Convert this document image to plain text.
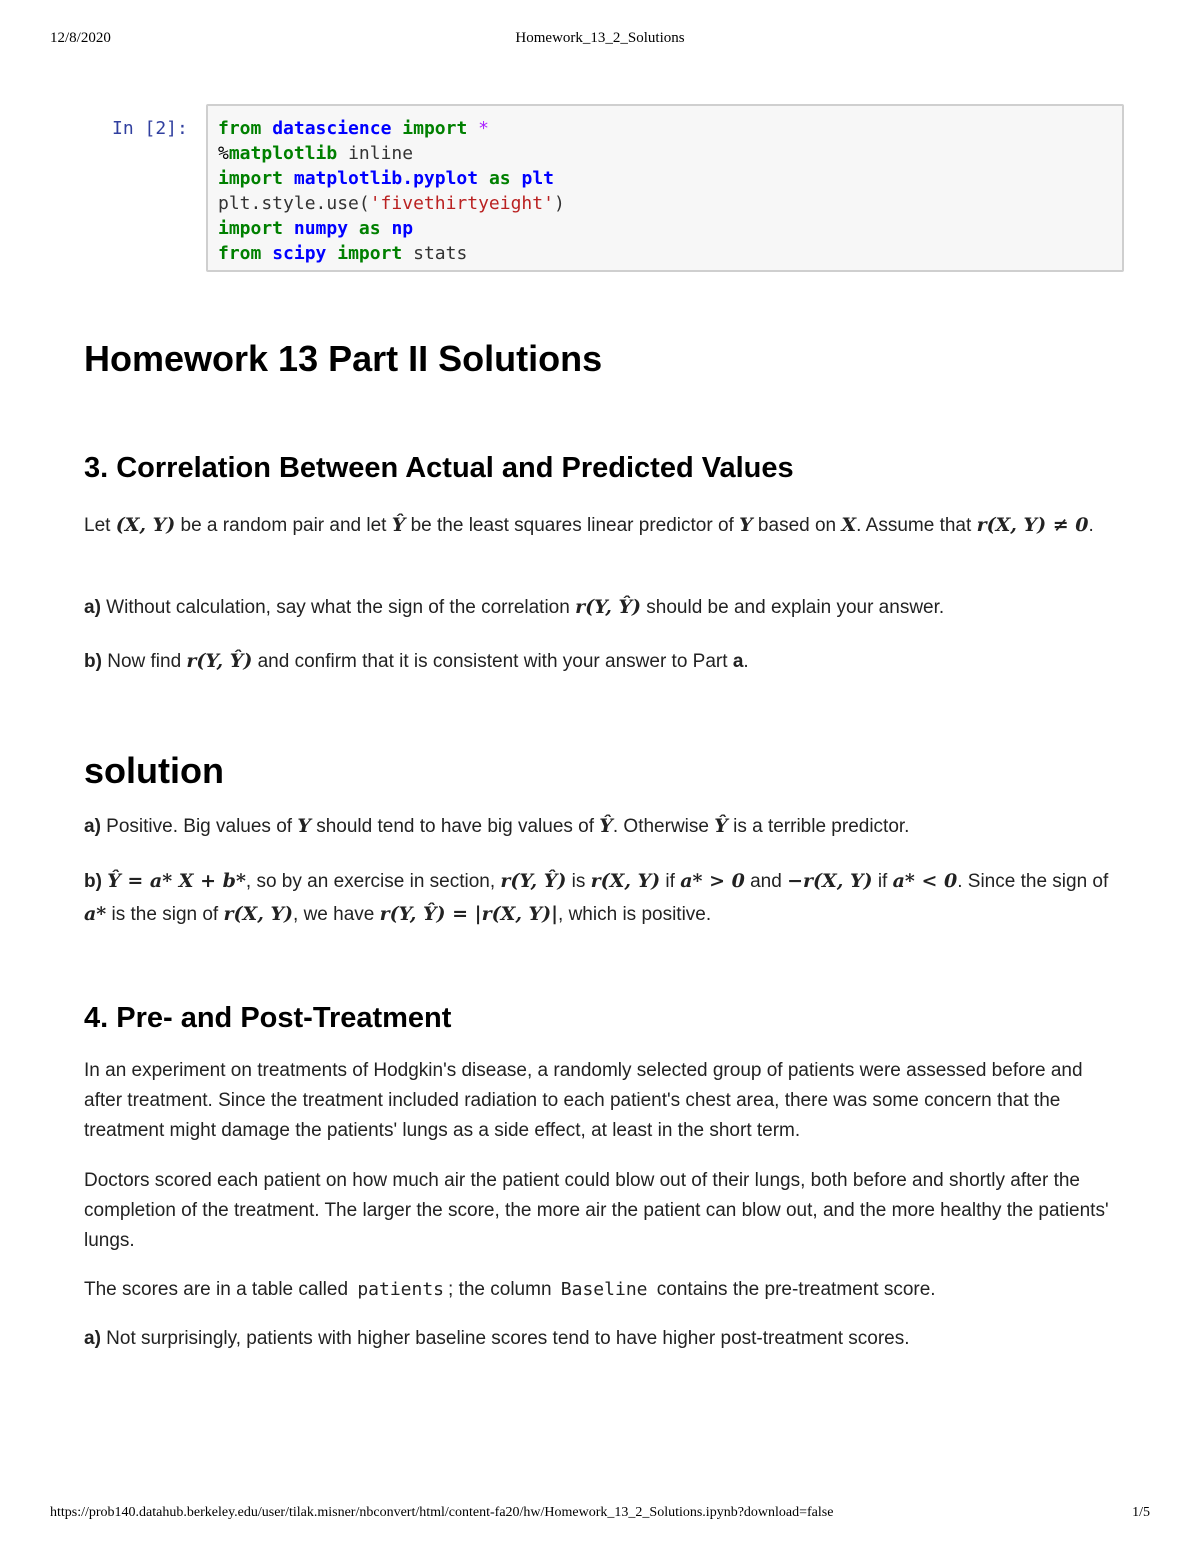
12/8/2020	Homework_13_2_Solutions
In [2]:	from datascience import *
%matplotlib inline
import matplotlib.pyplot as plt
plt.style.use('fivethirtyeight')
import numpy as np
from scipy import stats
Homework 13 Part II Solutions
3. Correlation Between Actual and Predicted Values

Let (X, Y) be a random pair and let Ŷ be the least squares linear predictor of Y based on X. Assume that r(X, Y) ≠ 0.

a) Without calculation, say what the sign of the correlation r(Y, Ŷ) should be and explain your answer.

b) Now find r(Y, Ŷ) and confirm that it is consistent with your answer to Part a.

solution

a) Positive. Big values of Y should tend to have big values of Ŷ. Otherwise Ŷ is a terrible predictor.

b) Ŷ = a* X + b*, so by an exercise in section, r(Y, Ŷ) is r(X, Y) if a* > 0 and −r(X, Y) if a* < 0. Since the sign of a* is the sign of r(X, Y), we have r(Y, Ŷ) = |r(X, Y)|, which is positive.

4. Pre- and Post-Treatment

In an experiment on treatments of Hodgkin's disease, a randomly selected group of patients were assessed before and after treatment. Since the treatment included radiation to each patient's chest area, there was some concern that the treatment might damage the patients' lungs as a side effect, at least in the short term.

Doctors scored each patient on how much air the patient could blow out of their lungs, both before and shortly after the completion of the treatment. The larger the score, the more air the patient can blow out, and the more healthy the patients' lungs.

The scores are in a table called patients ; the column Baseline contains the pre-treatment score.

a) Not surprisingly, patients with higher baseline scores tend to have higher post-treatment scores.

https://prob140.datahub.berkeley.edu/user/tilak.misner/nbconvert/html/content-fa20/hw/Homework_13_2_Solutions.ipynb?download=false	1/5
